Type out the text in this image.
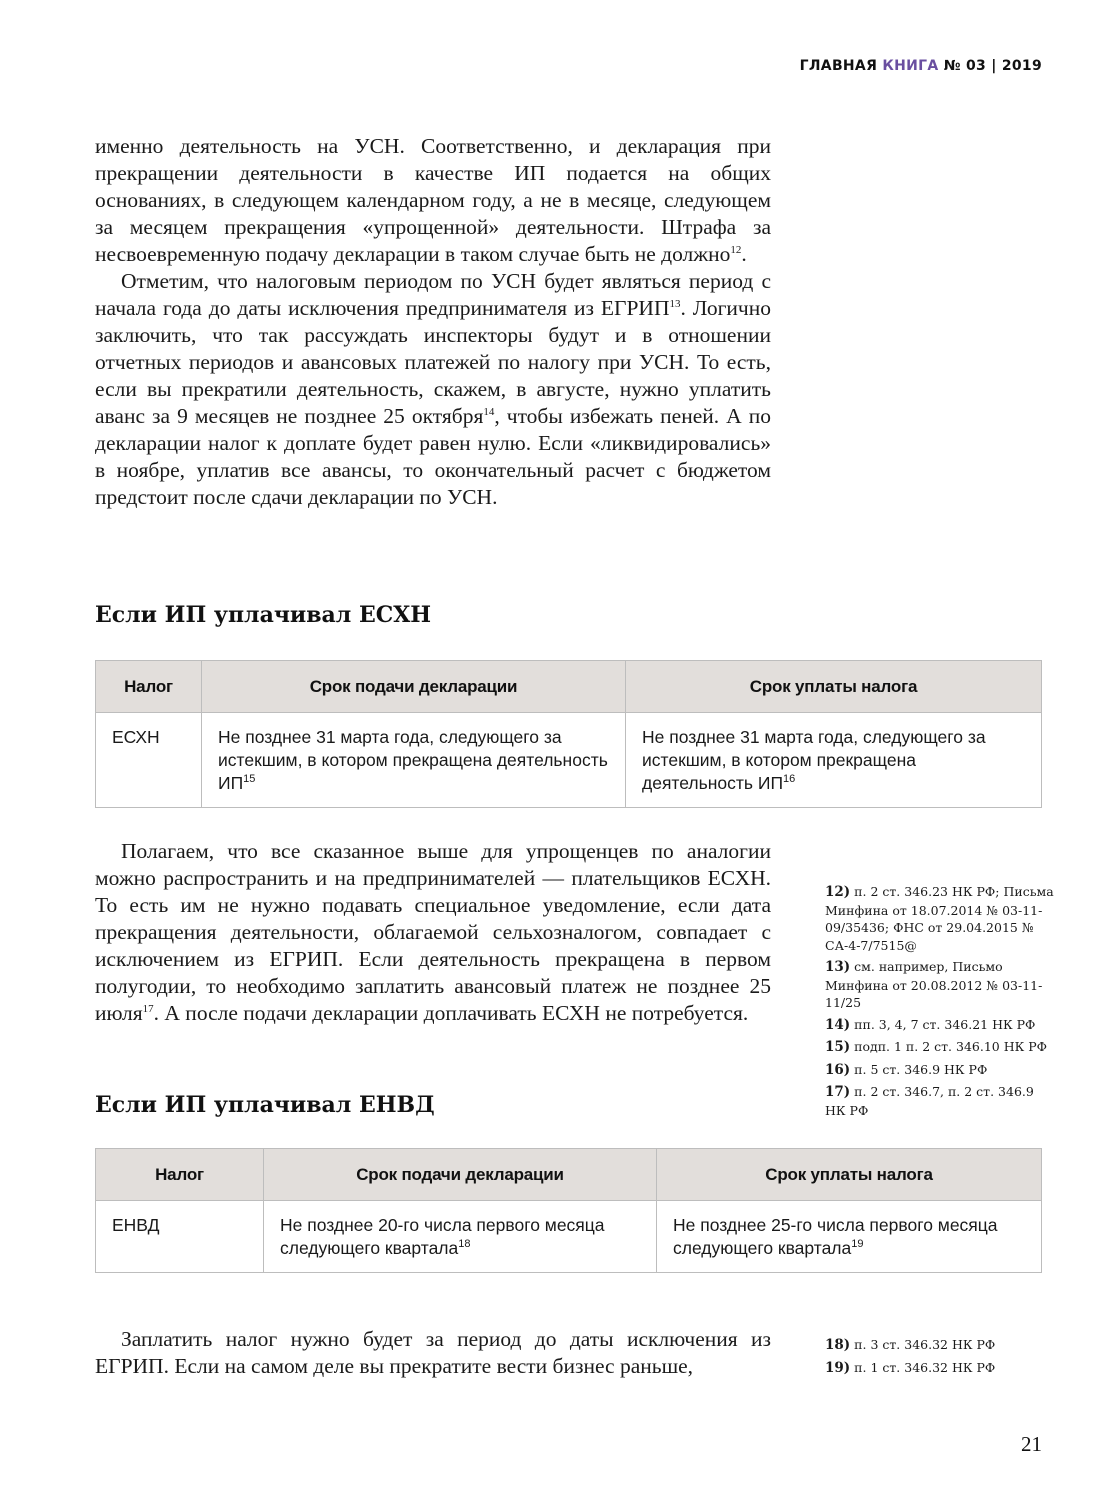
ГЛАВНАЯ КНИГА № 03 | 2019

именно деятельность на УСН. Соответственно, и декларация при прекращении деятельности в качестве ИП подается на общих основаниях, в следующем календарном году, а не в месяце, следующем за месяцем прекращения «упрощенной» деятельности. Штрафа за несвоевременную подачу декларации в таком случае быть не должно$^{12}$.

Отметим, что налоговым периодом по УСН будет являться период с начала года до даты исключения предпринимателя из ЕГРИП$^{13}$. Логично заключить, что так рассуждать инспекторы будут и в отношении отчетных периодов и авансовых платежей по налогу при УСН. То есть, если вы прекратили деятельность, скажем, в августе, нужно уплатить аванс за 9 месяцев не позднее 25 октября$^{14}$, чтобы избежать пеней. А по декларации налог к доплате будет равен нулю. Если «ликвидировались» в ноябре, уплатив все авансы, то окончательный расчет с бюджетом предстоит после сдачи декларации по УСН.

Если ИП уплачивал ЕСХН
Налог	Срок подачи декларации	Срок уплаты налога
ЕСХН	Не позднее 31 марта года, следующего за истекшим, в котором прекращена деятельность ИП$^{15}$	Не позднее 31 марта года, следующего за истекшим, в котором прекращена деятельность ИП$^{16}$

Полагаем, что все сказанное выше для упрощенцев по аналогии можно распространить и на предпринимателей — плательщиков ЕСХН. То есть им не нужно подавать специальное уведомление, если дата прекращения деятельности, облагаемой сельхозналогом, совпадает с исключением из ЕГРИП. Если деятельность прекращена в первом полугодии, то необходимо заплатить авансовый платеж не позднее 25 июля$^{17}$. А после подачи декларации доплачивать ЕСХН не потребуется.

12) п. 2 ст. 346.23 НК РФ; Письма Минфина от 18.07.2014 № 03-11-09/35436; ФНС от 29.04.2015 № СА-4-7/7515@

13) см. например, Письмо Минфина от 20.08.2012 № 03-11-11/25

14) пп. 3, 4, 7 ст. 346.21 НК РФ

15) подп. 1 п. 2 ст. 346.10 НК РФ

16) п. 5 ст. 346.9 НК РФ

17) п. 2 ст. 346.7, п. 2 ст. 346.9 НК РФ

Если ИП уплачивал ЕНВД
Налог	Срок подачи декларации	Срок уплаты налога
ЕНВД	Не позднее 20-го числа первого месяца следующего квартала$^{18}$	Не позднее 25-го числа первого месяца следующего квартала$^{19}$

Заплатить налог нужно будет за период до даты исключения из ЕГРИП. Если на самом деле вы прекратите вести бизнес раньше,

18) п. 3 ст. 346.32 НК РФ

19) п. 1 ст. 346.32 НК РФ

21
